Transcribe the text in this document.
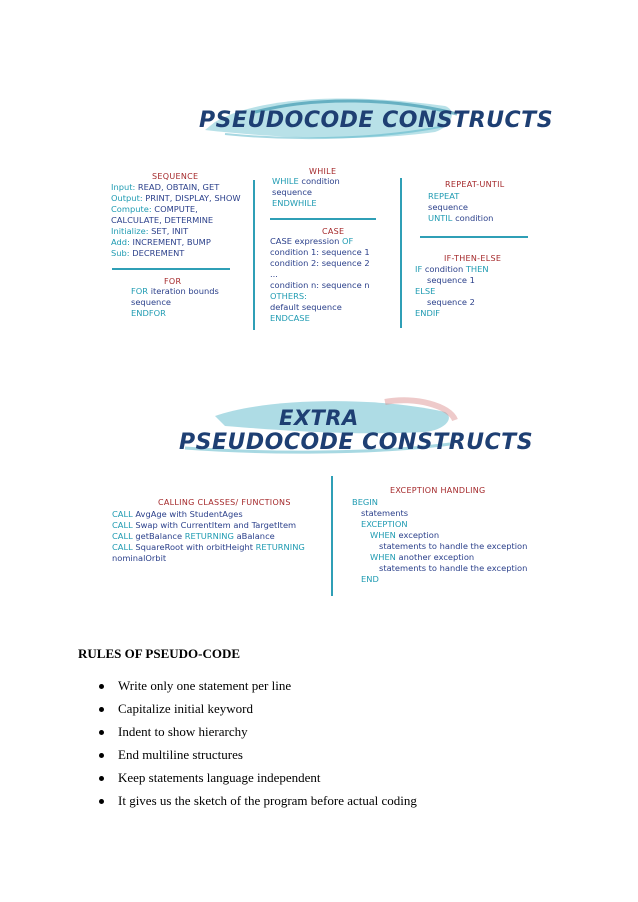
PSEUDOCODE CONSTRUCTS
SEQUENCE
Input: READ, OBTAIN, GET
Output: PRINT, DISPLAY, SHOW
Compute: COMPUTE,
CALCULATE, DETERMINE
Initialize: SET, INIT
Add: INCREMENT, BUMP
Sub: DECREMENT
FOR
FOR iteration bounds
sequence
ENDFOR
WHILE
WHILE condition
sequence
ENDWHILE
CASE
CASE expression OF
condition 1: sequence 1
condition 2: sequence 2
...
condition n: sequence n
OTHERS:
default sequence
ENDCASE
REPEAT-UNTIL
REPEAT
sequence
UNTIL condition
IF-THEN-ELSE
IF condition THEN
sequence 1
ELSE
sequence 2
ENDIF
EXTRA
PSEUDOCODE CONSTRUCTS
CALLING CLASSES/ FUNCTIONS
CALL AvgAge with StudentAges
CALL Swap with CurrentItem and TargetItem
CALL getBalance RETURNING aBalance
CALL SquareRoot with orbitHeight RETURNING
nominalOrbit
EXCEPTION HANDLING
BEGIN
statements
EXCEPTION
WHEN exception
statements to handle the exception
WHEN another exception
statements to handle the exception
END
RULES OF PSEUDO-CODE
Write only one statement per line
Capitalize initial keyword
Indent to show hierarchy
End multiline structures
Keep statements language independent
It gives us the sketch of the program before actual coding
